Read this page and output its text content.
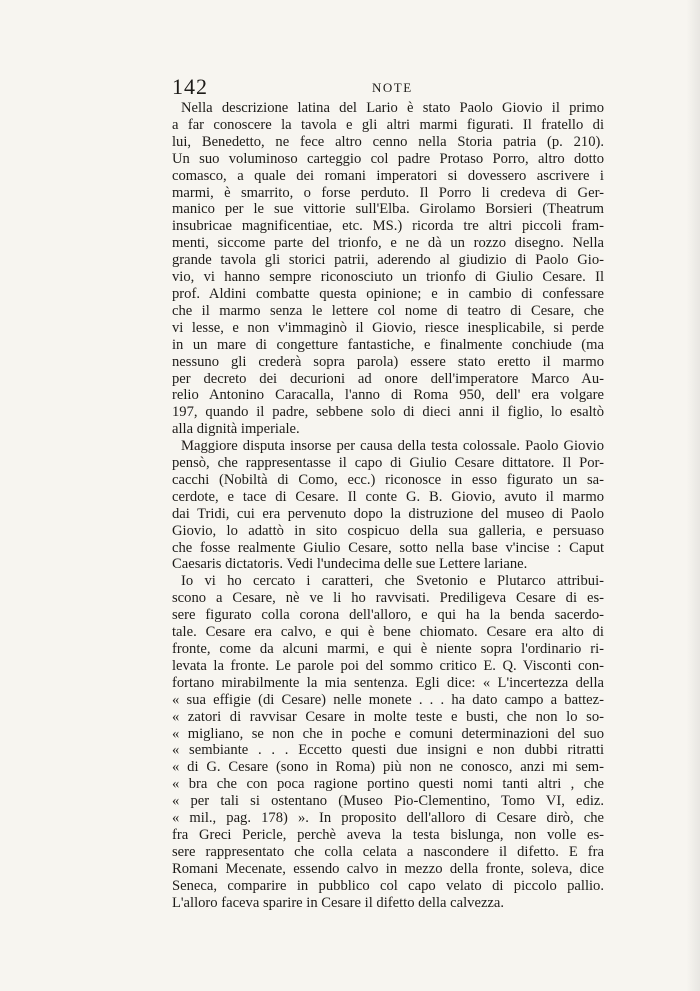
142	NOTE
Nella descrizione latina del Lario è stato Paolo Giovio il primo
a far conoscere la tavola e gli altri marmi figurati. Il fratello di
lui, Benedetto, ne fece altro cenno nella Storia patria (p. 210).
Un suo voluminoso carteggio col padre Protaso Porro, altro dotto
comasco, a quale dei romani imperatori si dovessero ascrivere i
marmi, è smarrito, o forse perduto. Il Porro li credeva di Ger-
manico per le sue vittorie sull'Elba. Girolamo Borsieri (Theatrum
insubricae magnificentiae, etc. MS.) ricorda tre altri piccoli fram-
menti, siccome parte del trionfo, e ne dà un rozzo disegno. Nella
grande tavola gli storici patrii, aderendo al giudizio di Paolo Gio-
vio, vi hanno sempre riconosciuto un trionfo di Giulio Cesare. Il
prof. Aldini combatte questa opinione; e in cambio di confessare
che il marmo senza le lettere col nome di teatro di Cesare, che
vi lesse, e non v'immaginò il Giovio, riesce inesplicabile, si perde
in un mare di congetture fantastiche, e finalmente conchiude (ma
nessuno gli crederà sopra parola) essere stato eretto il marmo
per decreto dei decurioni ad onore dell'imperatore Marco Au-
relio Antonino Caracalla, l'anno di Roma 950, dell' era volgare
197, quando il padre, sebbene solo di dieci anni il figlio, lo esaltò
alla dignità imperiale.
Maggiore disputa insorse per causa della testa colossale. Paolo Giovio
pensò, che rappresentasse il capo di Giulio Cesare dittatore. Il Por-
cacchi (Nobiltà di Como, ecc.) riconosce in esso figurato un sa-
cerdote, e tace di Cesare. Il conte G. B. Giovio, avuto il marmo
dai Tridi, cui era pervenuto dopo la distruzione del museo di Paolo
Giovio, lo adattò in sito cospicuo della sua galleria, e persuaso
che fosse realmente Giulio Cesare, sotto nella base v'incise : Caput
Caesaris dictatoris. Vedi l'undecima delle sue Lettere lariane.
Io vi ho cercato i caratteri, che Svetonio e Plutarco attribui-
scono a Cesare, nè ve li ho ravvisati. Prediligeva Cesare di es-
sere figurato colla corona dell'alloro, e qui ha la benda sacerdo-
tale. Cesare era calvo, e qui è bene chiomato. Cesare era alto di
fronte, come da alcuni marmi, e qui è niente sopra l'ordinario ri-
levata la fronte. Le parole poi del sommo critico E. Q. Visconti con-
fortano mirabilmente la mia sentenza. Egli dice: « L'incertezza della
« sua effigie (di Cesare) nelle monete . . . ha dato campo a battez-
« zatori di ravvisar Cesare in molte teste e busti, che non lo so-
« migliano, se non che in poche e comuni determinazioni del suo
« sembiante . . . Eccetto questi due insigni e non dubbi ritratti
« di G. Cesare (sono in Roma) più non ne conosco, anzi mi sem-
« bra che con poca ragione portino questi nomi tanti altri , che
« per tali si ostentano (Museo Pio-Clementino, Tomo VI, ediz.
« mil., pag. 178) ». In proposito dell'alloro di Cesare dirò, che
fra Greci Pericle, perchè aveva la testa bislunga, non volle es-
sere rappresentato che colla celata a nascondere il difetto. E fra
Romani Mecenate, essendo calvo in mezzo della fronte, soleva, dice
Seneca, comparire in pubblico col capo velato di piccolo pallio.
L'alloro faceva sparire in Cesare il difetto della calvezza.
